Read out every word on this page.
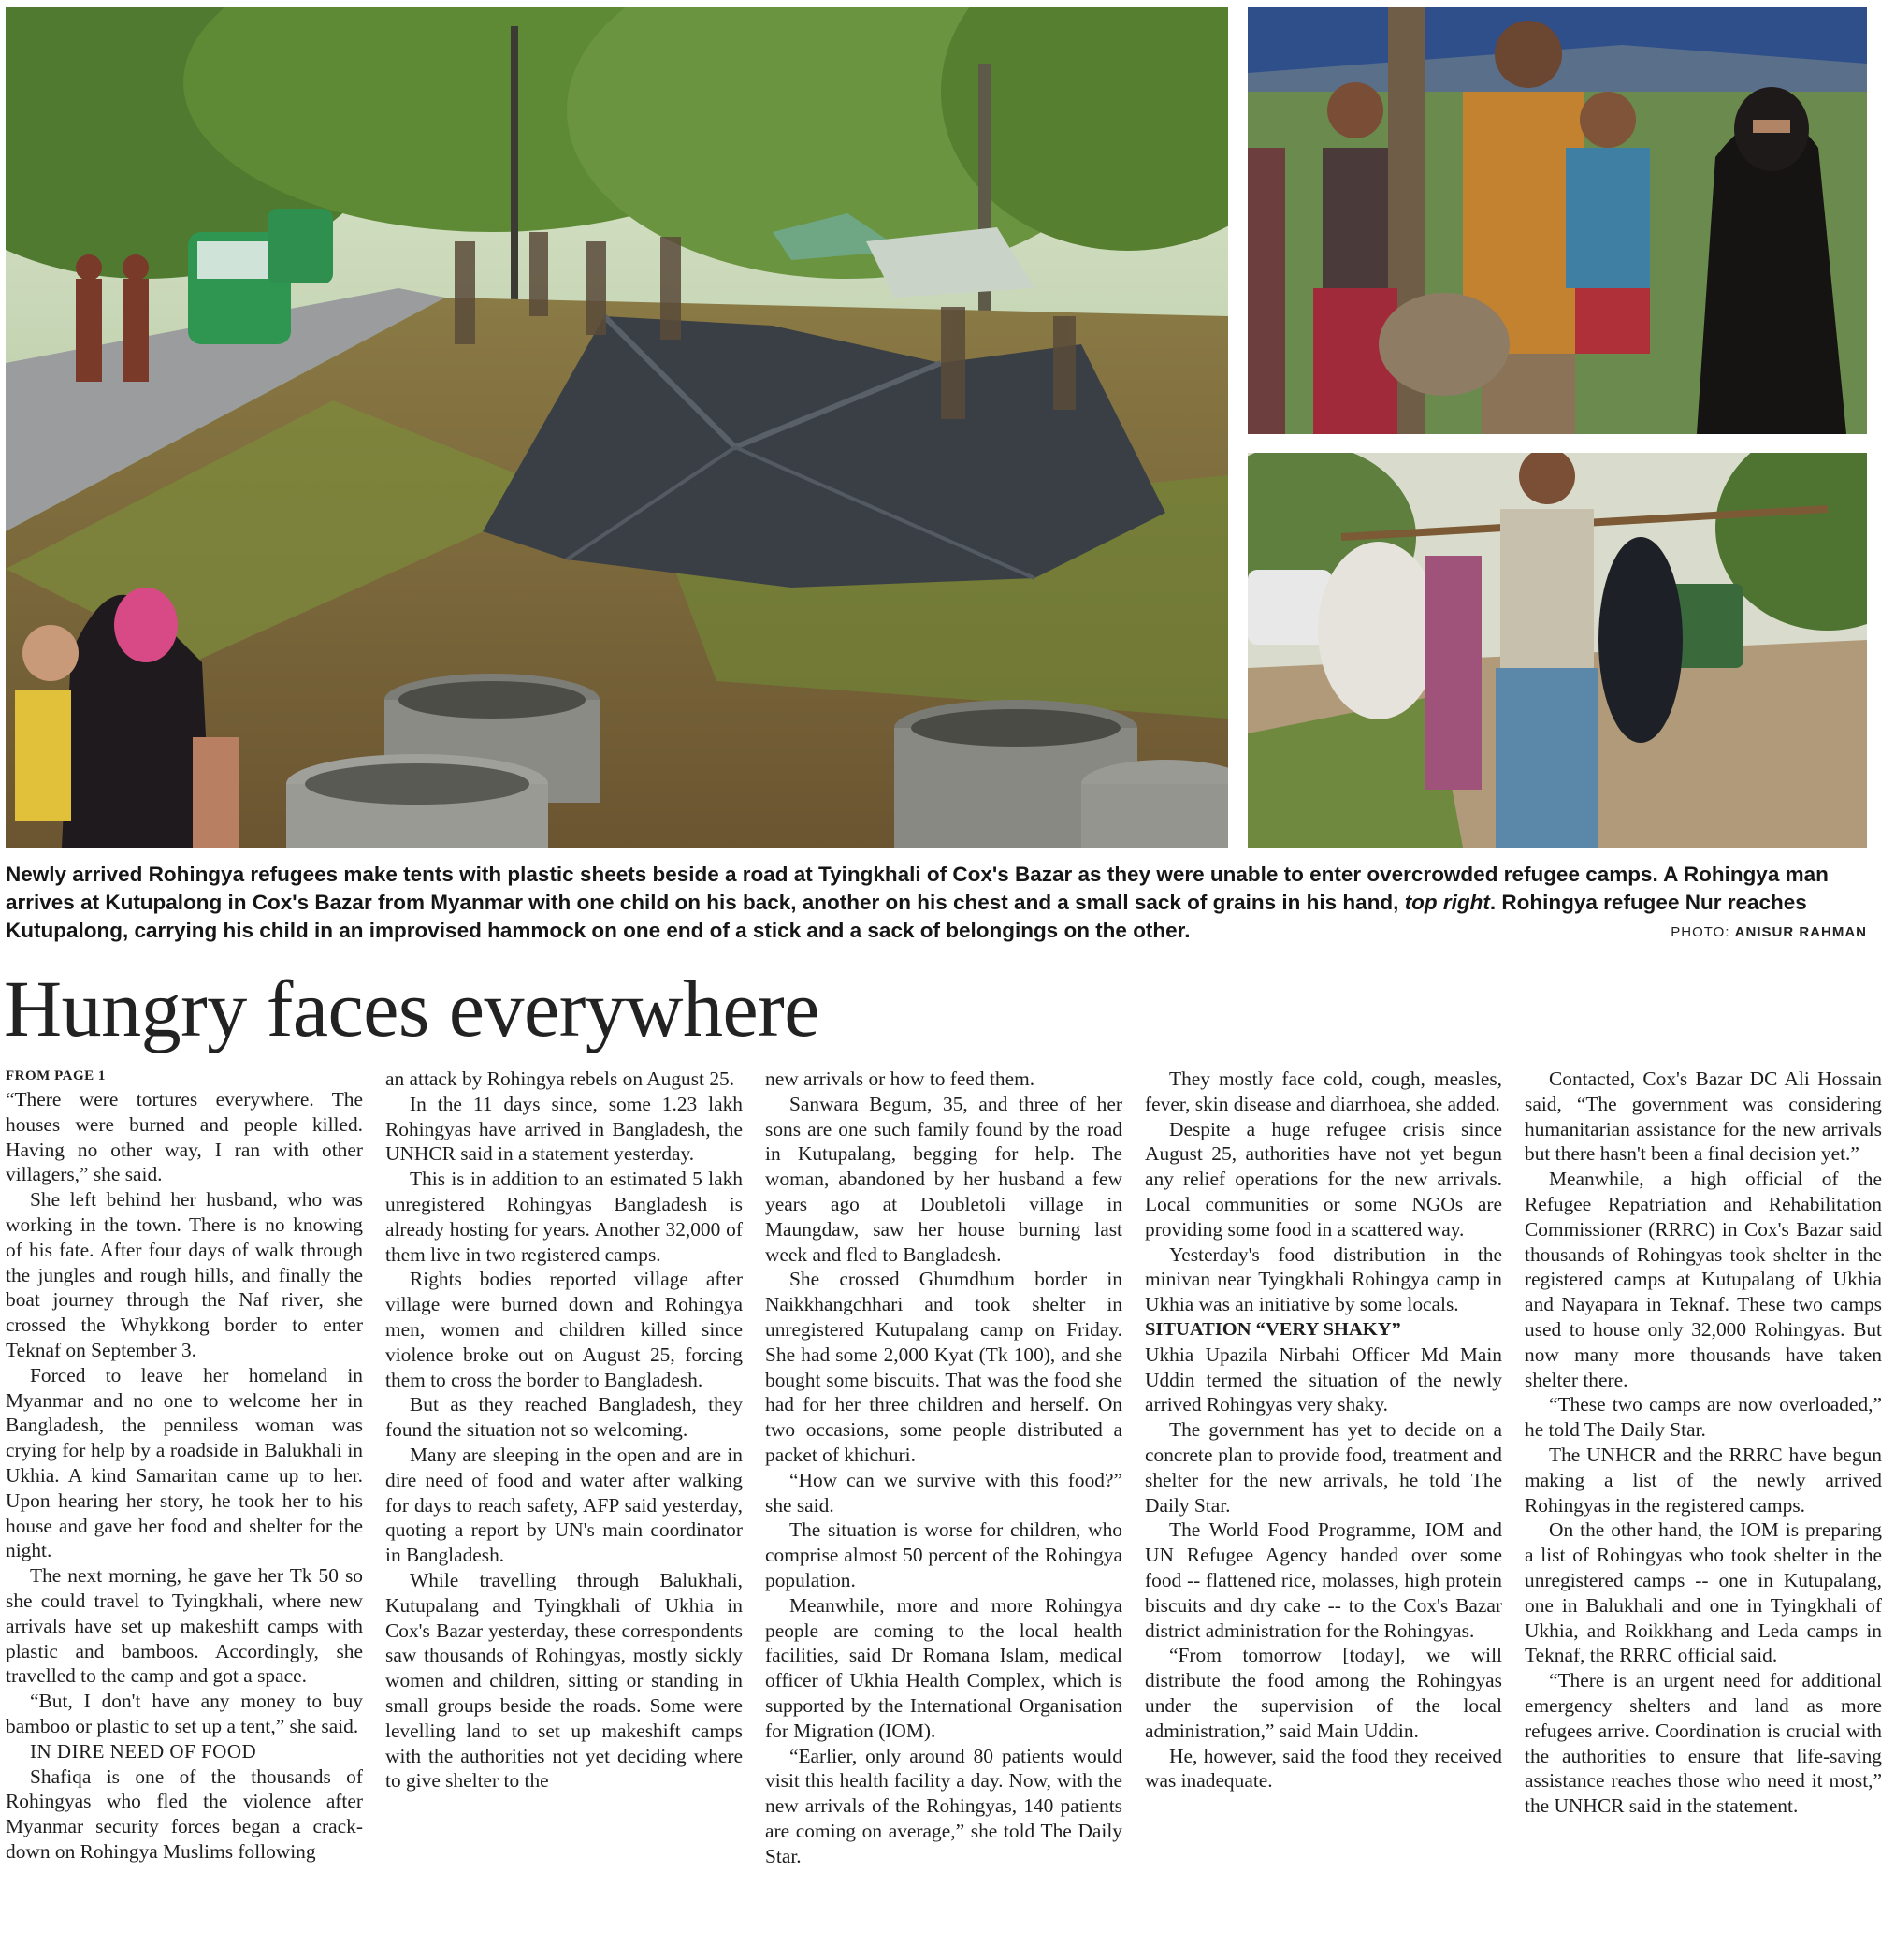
Newly arrived Rohingya refugees make tents with plastic sheets beside a road at Tyingkhali of Cox's Bazar as they were unable to enter overcrowded refugee camps. A Rohingya man arrives at Kutupalong in Cox's Bazar from Myanmar with one child on his back, another on his chest and a small sack of grains in his hand, top right. Rohingya refugee Nur reaches Kutupalong, carrying his child in an improvised hammock on one end of a stick and a sack of belongings on the other.	PHOTO: ANISUR RAHMAN
Hungry faces everywhere
FROM PAGE 1

“There were tortures everywhere. The houses were burned and people killed. Having no other way, I ran with other villagers,” she said.

She left behind her husband, who was working in the town. There is no knowing of his fate. After four days of walk through the jungles and rough hills, and finally the boat journey through the Naf river, she crossed the Whykkong border to enter Teknaf on September 3.

Forced to leave her homeland in Myanmar and no one to welcome her in Bangladesh, the penniless woman was crying for help by a roadside in Balukhali in Ukhia. A kind Samaritan came up to her. Upon hearing her story, he took her to his house and gave her food and shelter for the night.

The next morning, he gave her Tk 50 so she could travel to Tyingkhali, where new arrivals have set up makeshift camps with plastic and bamboos. Accordingly, she travelled to the camp and got a space.

“But, I don't have any money to buy bamboo or plastic to set up a tent,” she said.

IN DIRE NEED OF FOOD

Shafiqa is one of the thousands of Rohingyas who fled the violence after Myanmar security forces began a crackdown on Rohingya Muslims following

an attack by Rohingya rebels on August 25.

In the 11 days since, some 1.23 lakh Rohingyas have arrived in Bangladesh, the UNHCR said in a statement yesterday.

This is in addition to an estimated 5 lakh unregistered Rohingyas Bangladesh is already hosting for years. Another 32,000 of them live in two registered camps.

Rights bodies reported village after village were burned down and Rohingya men, women and children killed since violence broke out on August 25, forcing them to cross the border to Bangladesh.

But as they reached Bangladesh, they found the situation not so welcoming.

Many are sleeping in the open and are in dire need of food and water after walking for days to reach safety, AFP said yesterday, quoting a report by UN's main coordinator in Bangladesh.

While travelling through Balukhali, Kutupalang and Tyingkhali of Ukhia in Cox's Bazar yesterday, these correspondents saw thousands of Rohingyas, mostly sickly women and children, sitting or standing in small groups beside the roads. Some were levelling land to set up makeshift camps with the authorities not yet deciding where to give shelter to the

new arrivals or how to feed them.

Sanwara Begum, 35, and three of her sons are one such family found by the road in Kutupalang, begging for help. The woman, abandoned by her husband a few years ago at Doubletoli village in Maungdaw, saw her house burning last week and fled to Bangladesh.

She crossed Ghumdhum border in Naikkhangchhari and took shelter in unregistered Kutupalang camp on Friday. She had some 2,000 Kyat (Tk 100), and she bought some biscuits. That was the food she had for her three children and herself. On two occasions, some people distributed a packet of khichuri.

“How can we survive with this food?” she said.

The situation is worse for children, who comprise almost 50 percent of the Rohingya population.

Meanwhile, more and more Rohingya people are coming to the local health facilities, said Dr Romana Islam, medical officer of Ukhia Health Complex, which is supported by the International Organisation for Migration (IOM).

“Earlier, only around 80 patients would visit this health facility a day. Now, with the new arrivals of the Rohingyas, 140 patients are coming on average,” she told The Daily Star.

They mostly face cold, cough, measles, fever, skin disease and diarrhoea, she added.

Despite a huge refugee crisis since August 25, authorities have not yet begun any relief operations for the new arrivals. Local communities or some NGOs are providing some food in a scattered way.

Yesterday's food distribution in the minivan near Tyingkhali Rohingya camp in Ukhia was an initiative by some locals.

SITUATION “VERY SHAKY”

Ukhia Upazila Nirbahi Officer Md Main Uddin termed the situation of the newly arrived Rohingyas very shaky.

The government has yet to decide on a concrete plan to provide food, treatment and shelter for the new arrivals, he told The Daily Star.

The World Food Programme, IOM and UN Refugee Agency handed over some food -- flattened rice, molasses, high protein biscuits and dry cake -- to the Cox's Bazar district administration for the Rohingyas.

“From tomorrow [today], we will distribute the food among the Rohingyas under the supervision of the local administration,” said Main Uddin.

He, however, said the food they received was inadequate.

Contacted, Cox's Bazar DC Ali Hossain said, “The government was considering humanitarian assistance for the new arrivals but there hasn't been a final decision yet.”

Meanwhile, a high official of the Refugee Repatriation and Rehabilitation Commissioner (RRRC) in Cox's Bazar said thousands of Rohingyas took shelter in the registered camps at Kutupalang of Ukhia and Nayapara in Teknaf. These two camps used to house only 32,000 Rohingyas. But now many more thousands have taken shelter there.

“These two camps are now overloaded,” he told The Daily Star.

The UNHCR and the RRRC have begun making a list of the newly arrived Rohingyas in the registered camps.

On the other hand, the IOM is preparing a list of Rohingyas who took shelter in the unregistered camps -- one in Kutupalang, one in Balukhali and one in Tyingkhali of Ukhia, and Roikkhang and Leda camps in Teknaf, the RRRC official said.

“There is an urgent need for additional emergency shelters and land as more refugees arrive. Coordination is crucial with the authorities to ensure that life-saving assistance reaches those who need it most,” the UNHCR said in the statement.
